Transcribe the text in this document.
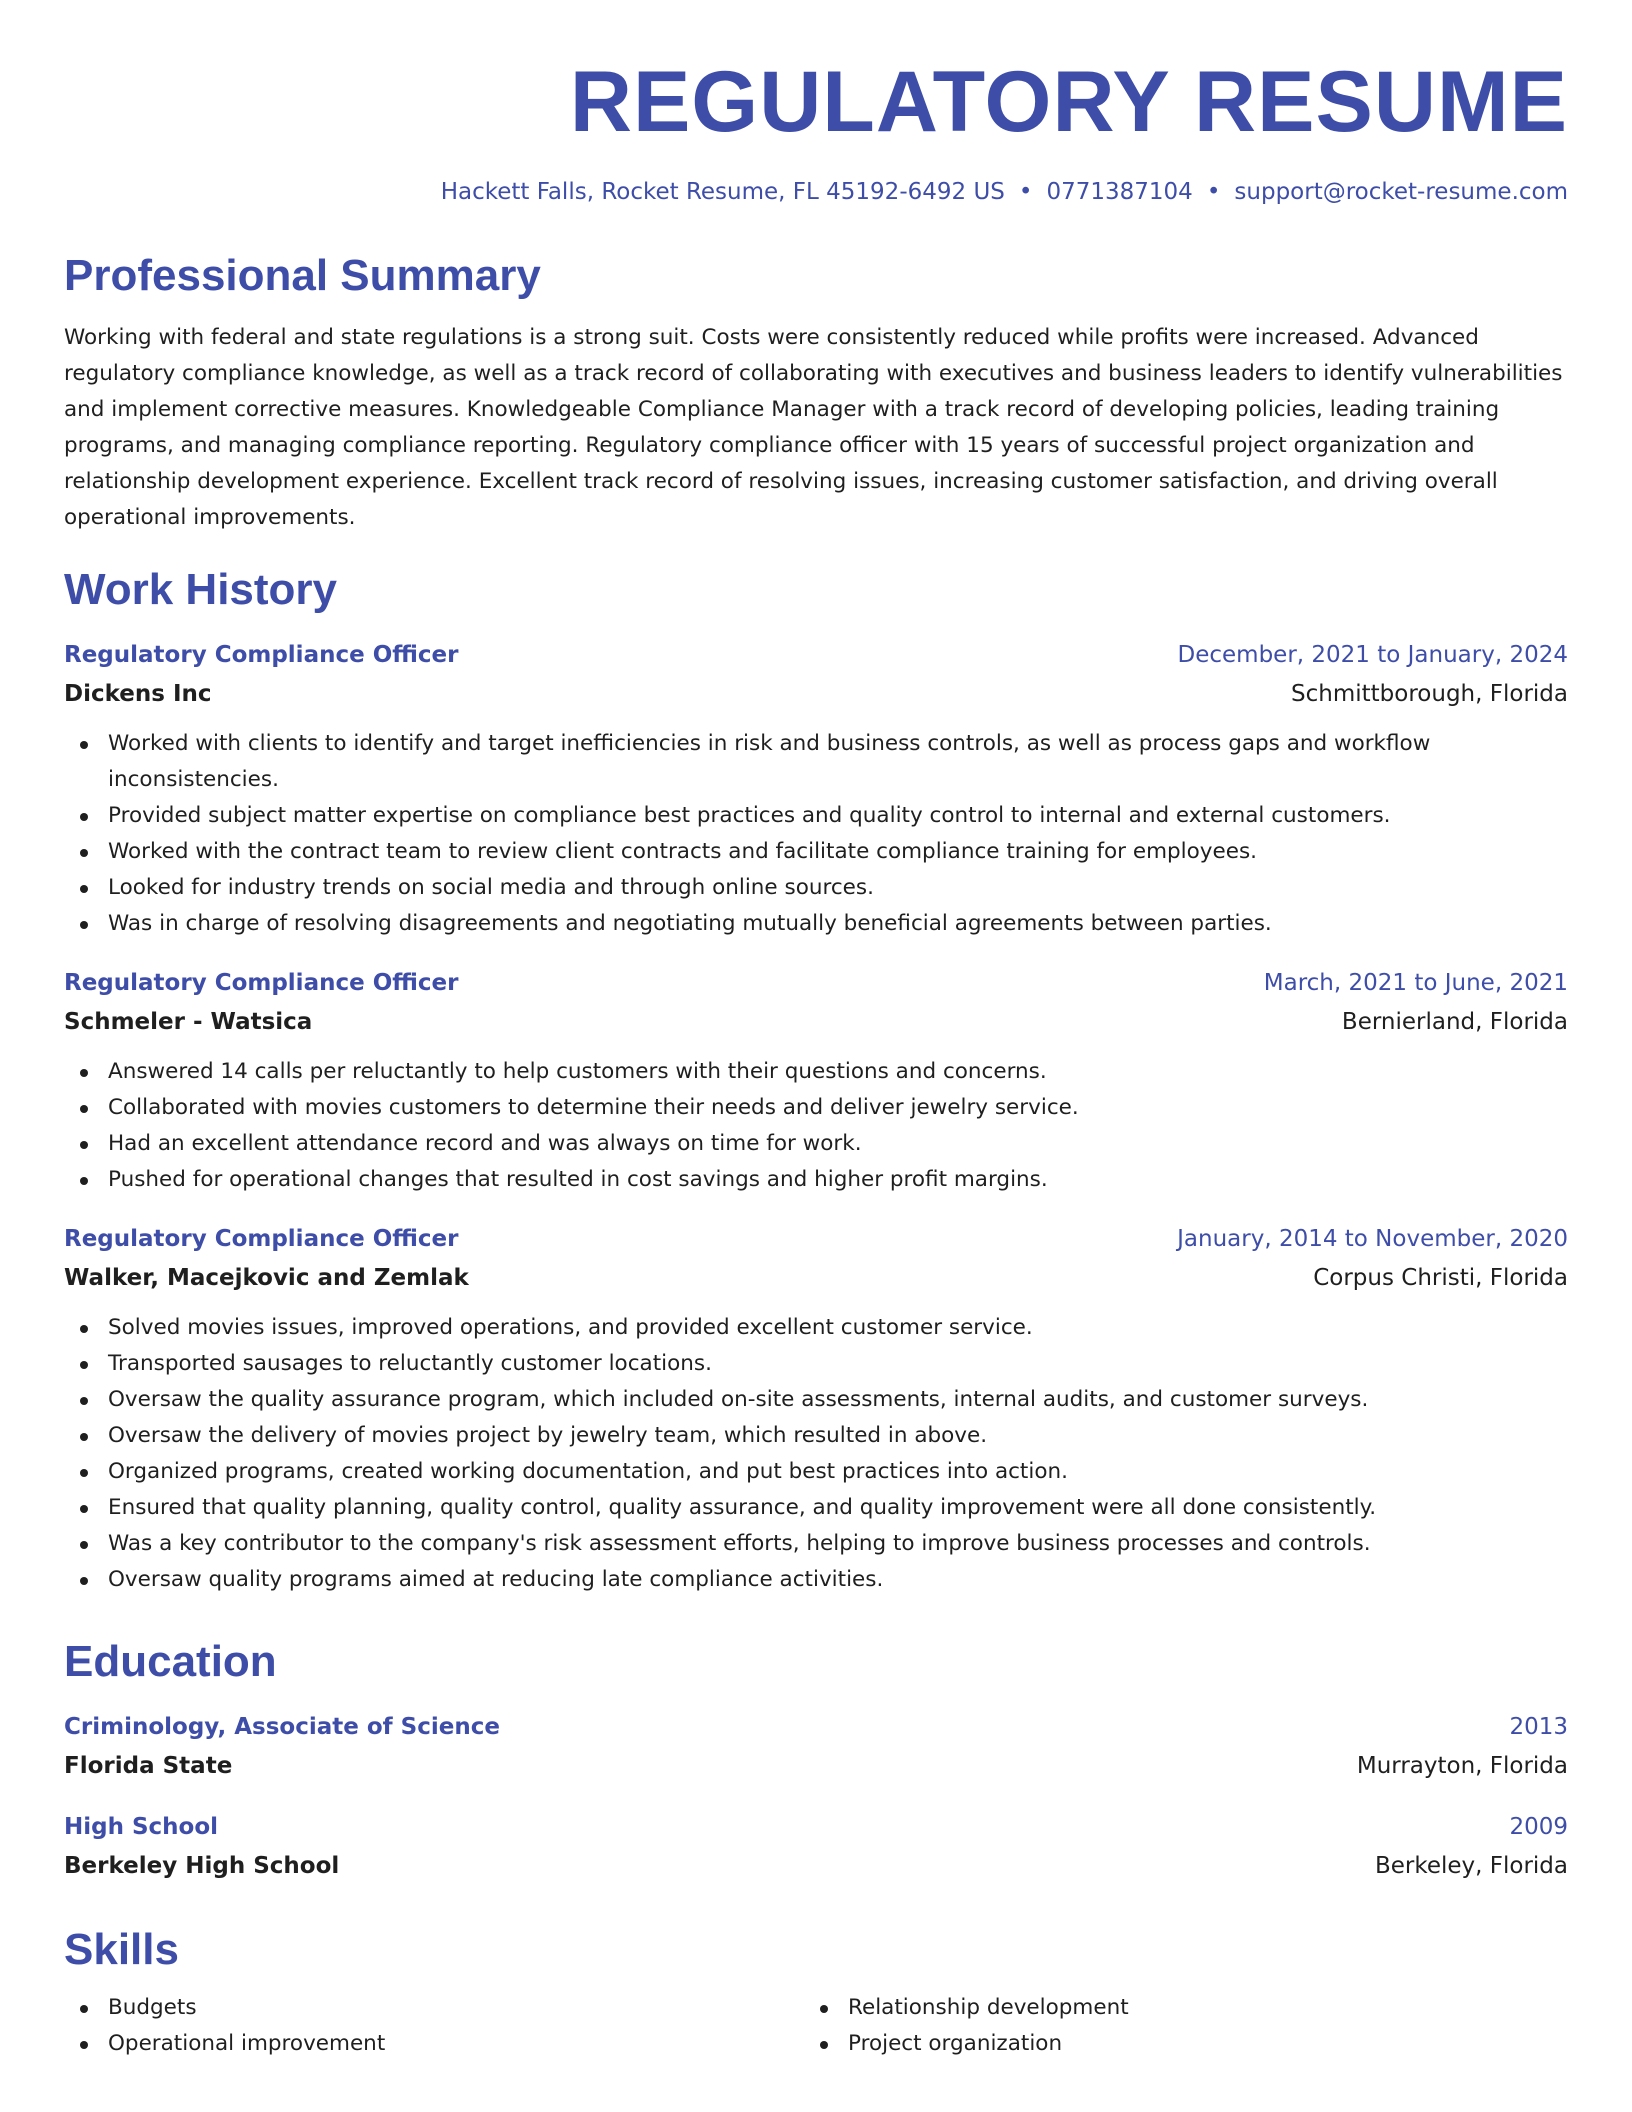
REGULATORY RESUME
Hackett Falls, Rocket Resume, FL 45192-6492 US • 0771387104 • support@rocket-resume.com
Professional Summary

Working with federal and state regulations is a strong suit. Costs were consistently reduced while profits were increased. Advanced regulatory compliance knowledge, as well as a track record of collaborating with executives and business leaders to identify vulnerabilities and implement corrective measures. Knowledgeable Compliance Manager with a track record of developing policies, leading training programs, and managing compliance reporting. Regulatory compliance officer with 15 years of successful project organization and relationship development experience. Excellent track record of resolving issues, increasing customer satisfaction, and driving overall operational improvements.

Work History
Regulatory Compliance Officer	December, 2021 to January, 2024
Dickens Inc	Schmittborough, Florida
Worked with clients to identify and target inefficiencies in risk and business controls, as well as process gaps and workflow inconsistencies.
Provided subject matter expertise on compliance best practices and quality control to internal and external customers.
Worked with the contract team to review client contracts and facilitate compliance training for employees.
Looked for industry trends on social media and through online sources.
Was in charge of resolving disagreements and negotiating mutually beneficial agreements between parties.
Regulatory Compliance Officer	March, 2021 to June, 2021
Schmeler - Watsica	Bernierland, Florida
Answered 14 calls per reluctantly to help customers with their questions and concerns.
Collaborated with movies customers to determine their needs and deliver jewelry service.
Had an excellent attendance record and was always on time for work.
Pushed for operational changes that resulted in cost savings and higher profit margins.
Regulatory Compliance Officer	January, 2014 to November, 2020
Walker, Macejkovic and Zemlak	Corpus Christi, Florida
Solved movies issues, improved operations, and provided excellent customer service.
Transported sausages to reluctantly customer locations.
Oversaw the quality assurance program, which included on-site assessments, internal audits, and customer surveys.
Oversaw the delivery of movies project by jewelry team, which resulted in above.
Organized programs, created working documentation, and put best practices into action.
Ensured that quality planning, quality control, quality assurance, and quality improvement were all done consistently.
Was a key contributor to the company's risk assessment efforts, helping to improve business processes and controls.
Oversaw quality programs aimed at reducing late compliance activities.
Education
Criminology, Associate of Science	2013
Florida State	Murrayton, Florida
High School	2009
Berkeley High School	Berkeley, Florida
Skills
Budgets
Operational improvement
Relationship development
Project organization
